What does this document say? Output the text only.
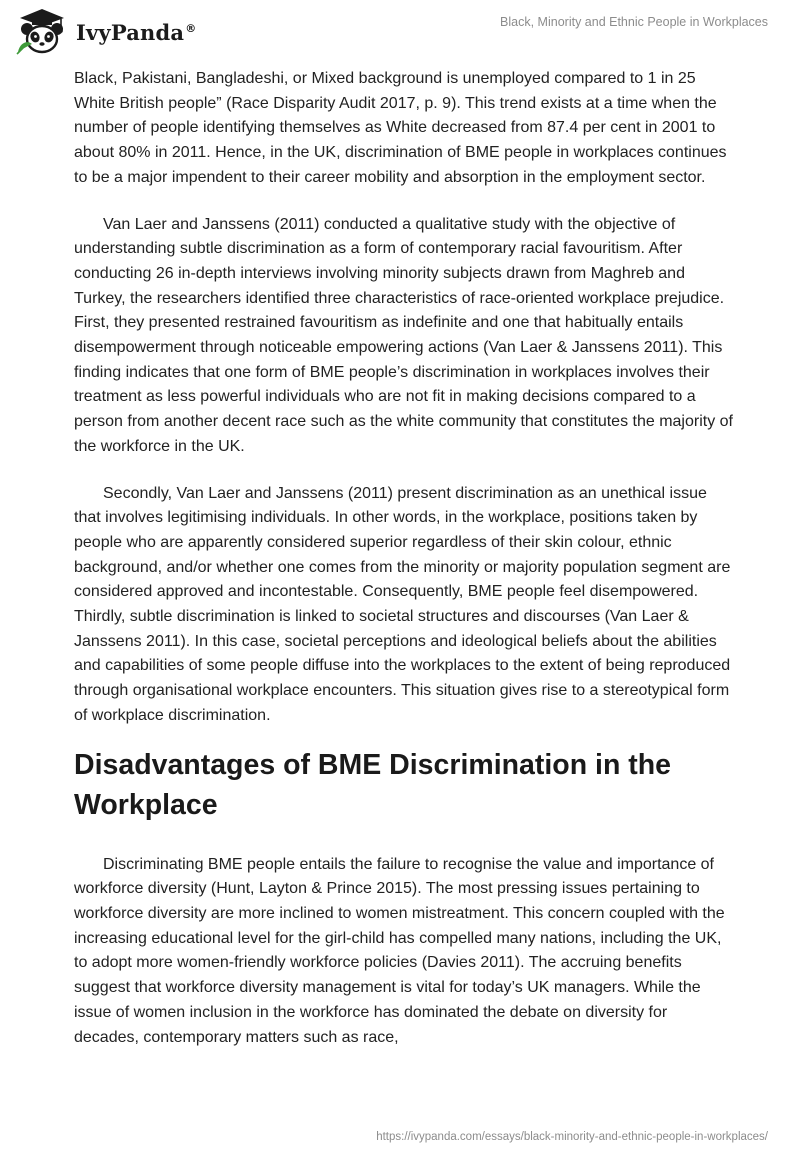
IvyPanda®	Black, Minority and Ethnic People in Workplaces

Black, Pakistani, Bangladeshi, or Mixed background is unemployed compared to 1 in 25 White British people” (Race Disparity Audit 2017, p. 9). This trend exists at a time when the number of people identifying themselves as White decreased from 87.4 per cent in 2001 to about 80% in 2011. Hence, in the UK, discrimination of BME people in workplaces continues to be a major impendent to their career mobility and absorption in the employment sector.

Van Laer and Janssens (2011) conducted a qualitative study with the objective of understanding subtle discrimination as a form of contemporary racial favouritism. After conducting 26 in-depth interviews involving minority subjects drawn from Maghreb and Turkey, the researchers identified three characteristics of race-oriented workplace prejudice. First, they presented restrained favouritism as indefinite and one that habitually entails disempowerment through noticeable empowering actions (Van Laer & Janssens 2011). This finding indicates that one form of BME people’s discrimination in workplaces involves their treatment as less powerful individuals who are not fit in making decisions compared to a person from another decent race such as the white community that constitutes the majority of the workforce in the UK.

Secondly, Van Laer and Janssens (2011) present discrimination as an unethical issue that involves legitimising individuals. In other words, in the workplace, positions taken by people who are apparently considered superior regardless of their skin colour, ethnic background, and/or whether one comes from the minority or majority population segment are considered approved and incontestable. Consequently, BME people feel disempowered. Thirdly, subtle discrimination is linked to societal structures and discourses (Van Laer & Janssens 2011). In this case, societal perceptions and ideological beliefs about the abilities and capabilities of some people diffuse into the workplaces to the extent of being reproduced through organisational workplace encounters. This situation gives rise to a stereotypical form of workplace discrimination.

Disadvantages of BME Discrimination in the Workplace

Discriminating BME people entails the failure to recognise the value and importance of workforce diversity (Hunt, Layton & Prince 2015). The most pressing issues pertaining to workforce diversity are more inclined to women mistreatment. This concern coupled with the increasing educational level for the girl-child has compelled many nations, including the UK, to adopt more women-friendly workforce policies (Davies 2011). The accruing benefits suggest that workforce diversity management is vital for today’s UK managers. While the issue of women inclusion in the workforce has dominated the debate on diversity for decades, contemporary matters such as race,

https://ivypanda.com/essays/black-minority-and-ethnic-people-in-workplaces/
